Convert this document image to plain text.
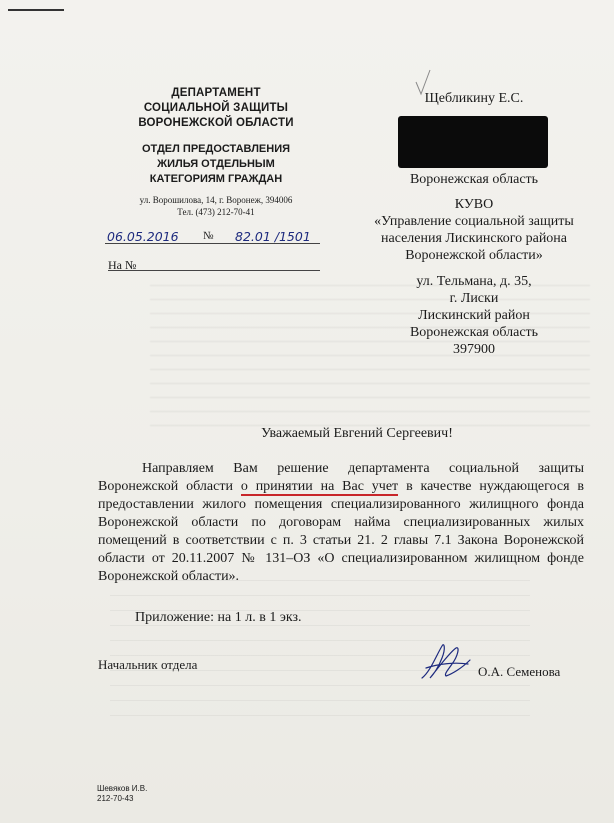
ДЕПАРТАМЕНТ
СОЦИАЛЬНОЙ ЗАЩИТЫ
ВОРОНЕЖСКОЙ ОБЛАСТИ
ОТДЕЛ ПРЕДОСТАВЛЕНИЯ
ЖИЛЬЯ ОТДЕЛЬНЫМ
КАТЕГОРИЯМ ГРАЖДАН
ул. Ворошилова, 14, г. Воронеж, 394006
Тел. (473) 212-70-41
06.05.2016 № 82.01 /1501
На №
Щебликину Е.С.
Воронежская область
КУВО
«Управление социальной защиты
населения Лискинского района
Воронежской области»
ул. Тельмана, д. 35,
г. Лиски
Лискинский район
Воронежская область
397900
Уважаемый Евгений Сергеевич!

Направляем Вам решение департамента социальной защиты Воронежской области о принятии на Вас учет в качестве нуждающегося в предоставлении жилого помещения специализированного жилищного фонда Воронежской области по договорам найма специализированных жилых помещений в соответствии с п. 3 статьи 21. 2 главы 7.1 Закона Воронежской области от 20.11.2007 № 131–ОЗ «О специализированном жилищном фонде Воронежской области».

Приложение: на 1 л. в 1 экз.
Начальник отдела	О.А. Семенова
Шевяков И.В.
212-70-43
